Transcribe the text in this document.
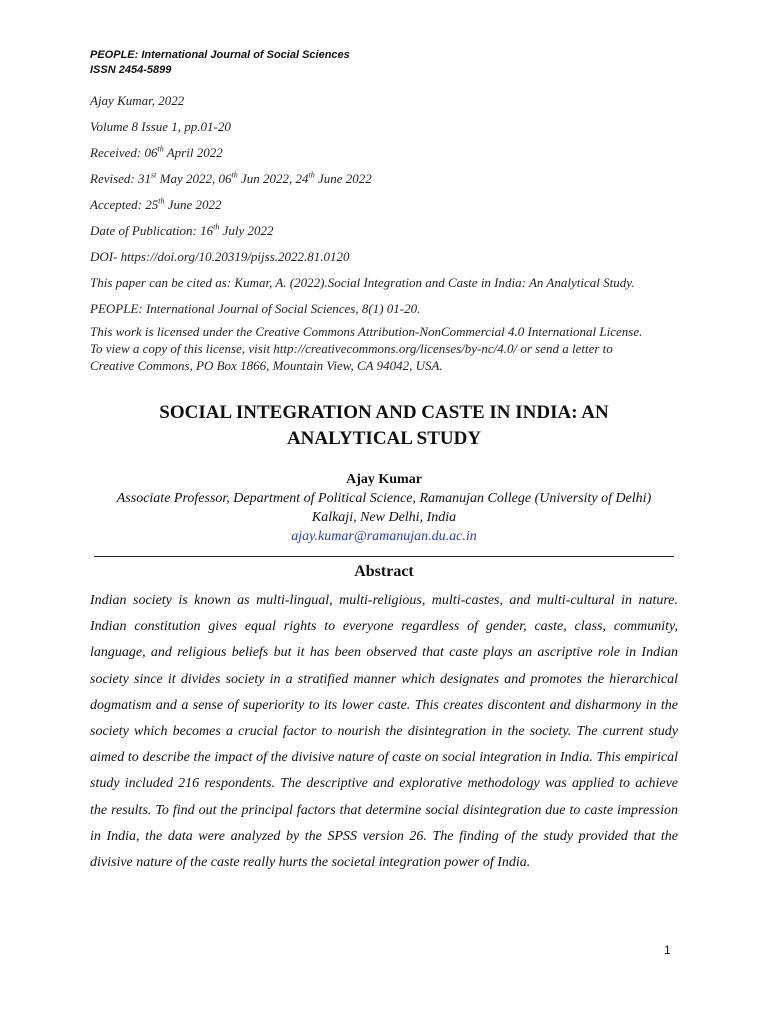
PEOPLE: International Journal of Social Sciences
ISSN 2454-5899
Ajay Kumar, 2022
Volume 8 Issue 1, pp.01-20
Received: 06th April 2022
Revised: 31st May 2022, 06th Jun 2022, 24th June 2022
Accepted: 25th June 2022
Date of Publication: 16th July 2022
DOI- https://doi.org/10.20319/pijss.2022.81.0120
This paper can be cited as: Kumar, A. (2022).Social Integration and Caste in India: An Analytical Study.
PEOPLE: International Journal of Social Sciences, 8(1) 01-20.
This work is licensed under the Creative Commons Attribution-NonCommercial 4.0 International License. To view a copy of this license, visit http://creativecommons.org/licenses/by-nc/4.0/ or send a letter to Creative Commons, PO Box 1866, Mountain View, CA 94042, USA.
SOCIAL INTEGRATION AND CASTE IN INDIA: AN
ANALYTICAL STUDY
Ajay Kumar
Associate Professor, Department of Political Science, Ramanujan College (University of Delhi)
Kalkaji, New Delhi, India
ajay.kumar@ramanujan.du.ac.in
Abstract
Indian society is known as multi-lingual, multi-religious, multi-castes, and multi-cultural in nature. Indian constitution gives equal rights to everyone regardless of gender, caste, class, community, language, and religious beliefs but it has been observed that caste plays an ascriptive role in Indian society since it divides society in a stratified manner which designates and promotes the hierarchical dogmatism and a sense of superiority to its lower caste. This creates discontent and disharmony in the society which becomes a crucial factor to nourish the disintegration in the society. The current study aimed to describe the impact of the divisive nature of caste on social integration in India. This empirical study included 216 respondents. The descriptive and explorative methodology was applied to achieve the results. To find out the principal factors that determine social disintegration due to caste impression in India, the data were analyzed by the SPSS version 26. The finding of the study provided that the divisive nature of the caste really hurts the societal integration power of India.
1
